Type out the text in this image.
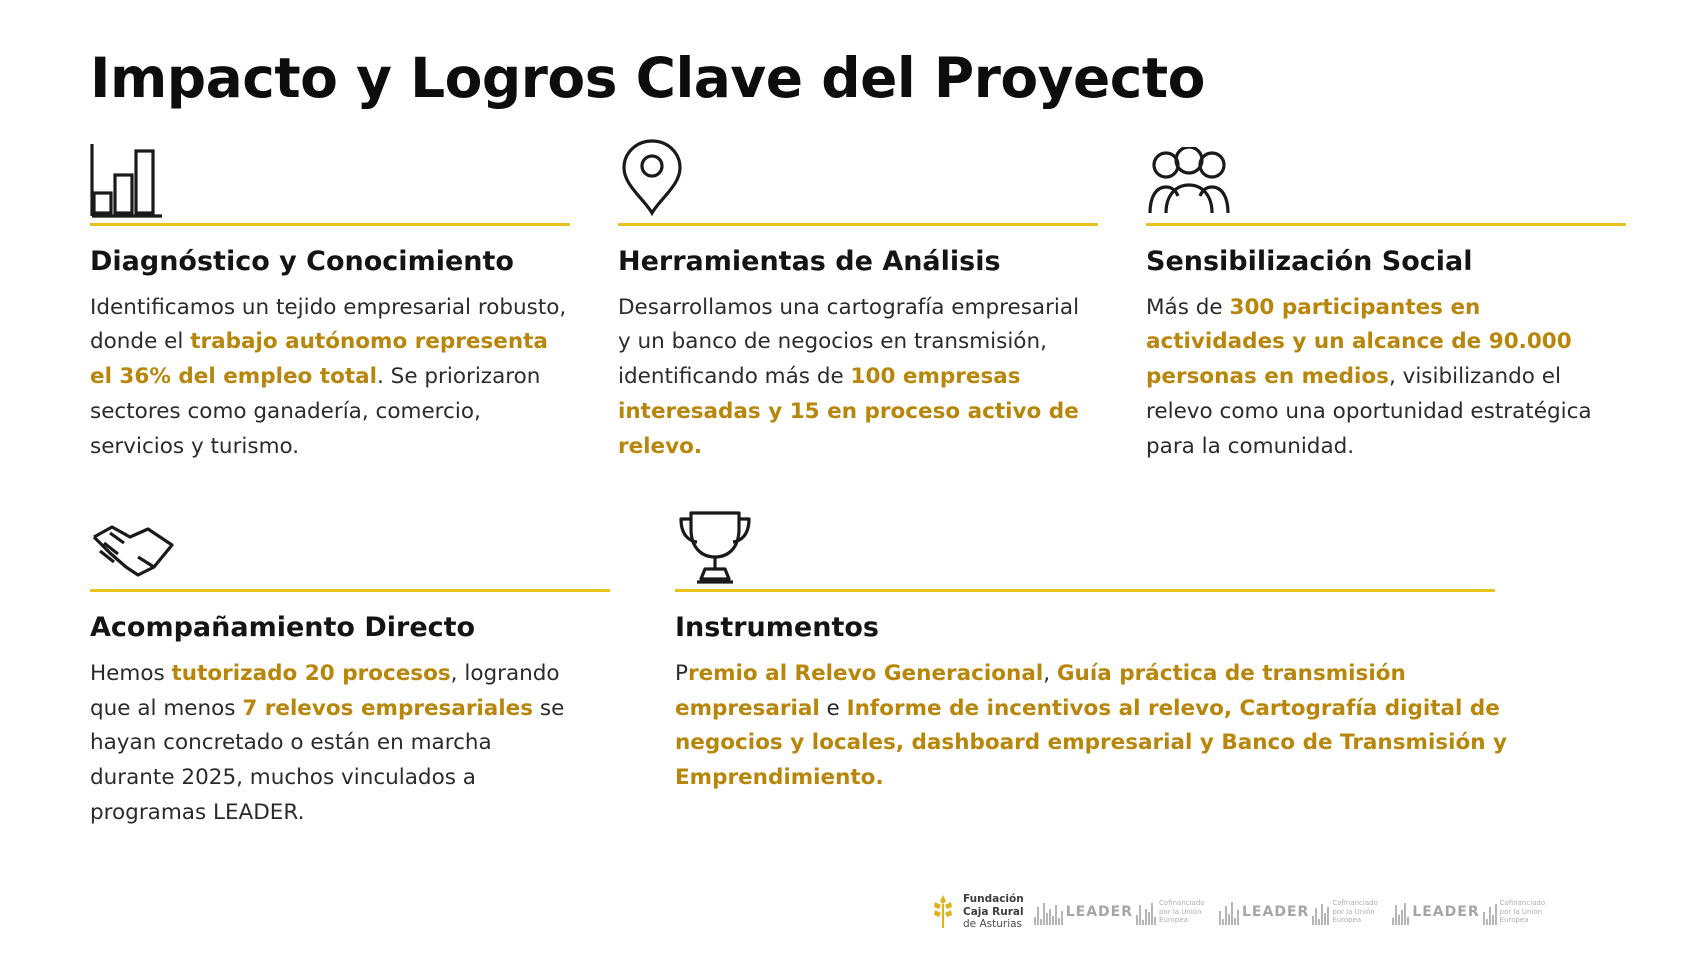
Impacto y Logros Clave del Proyecto
Diagnóstico y Conocimiento
Identificamos un tejido empresarial robusto, donde el trabajo autónomo representa el 36% del empleo total. Se priorizaron sectores como ganadería, comercio, servicios y turismo.
Herramientas de Análisis
Desarrollamos una cartografía empresarial y un banco de negocios en transmisión, identificando más de 100 empresas interesadas y 15 en proceso activo de relevo.
Sensibilización Social
Más de 300 participantes en actividades y un alcance de 90.000 personas en medios, visibilizando el relevo como una oportunidad estratégica para la comunidad.
Acompañamiento Directo
Hemos tutorizado 20 procesos, logrando que al menos 7 relevos empresariales se hayan concretado o están en marcha durante 2025, muchos vinculados a programas LEADER.
Instrumentos
Premio al Relevo Generacional, Guía práctica de transmisión empresarial e Informe de incentivos al relevo, Cartografía digital de negocios y locales, dashboard empresarial y Banco de Transmisión y Emprendimiento.
Fundación
Caja Rural
de Asturias
LEADER
Cofinanciado por la Unión Europea
LEADER
Cofinanciado por la Unión Europea
LEADER
Cofinanciado por la Unión Europea
